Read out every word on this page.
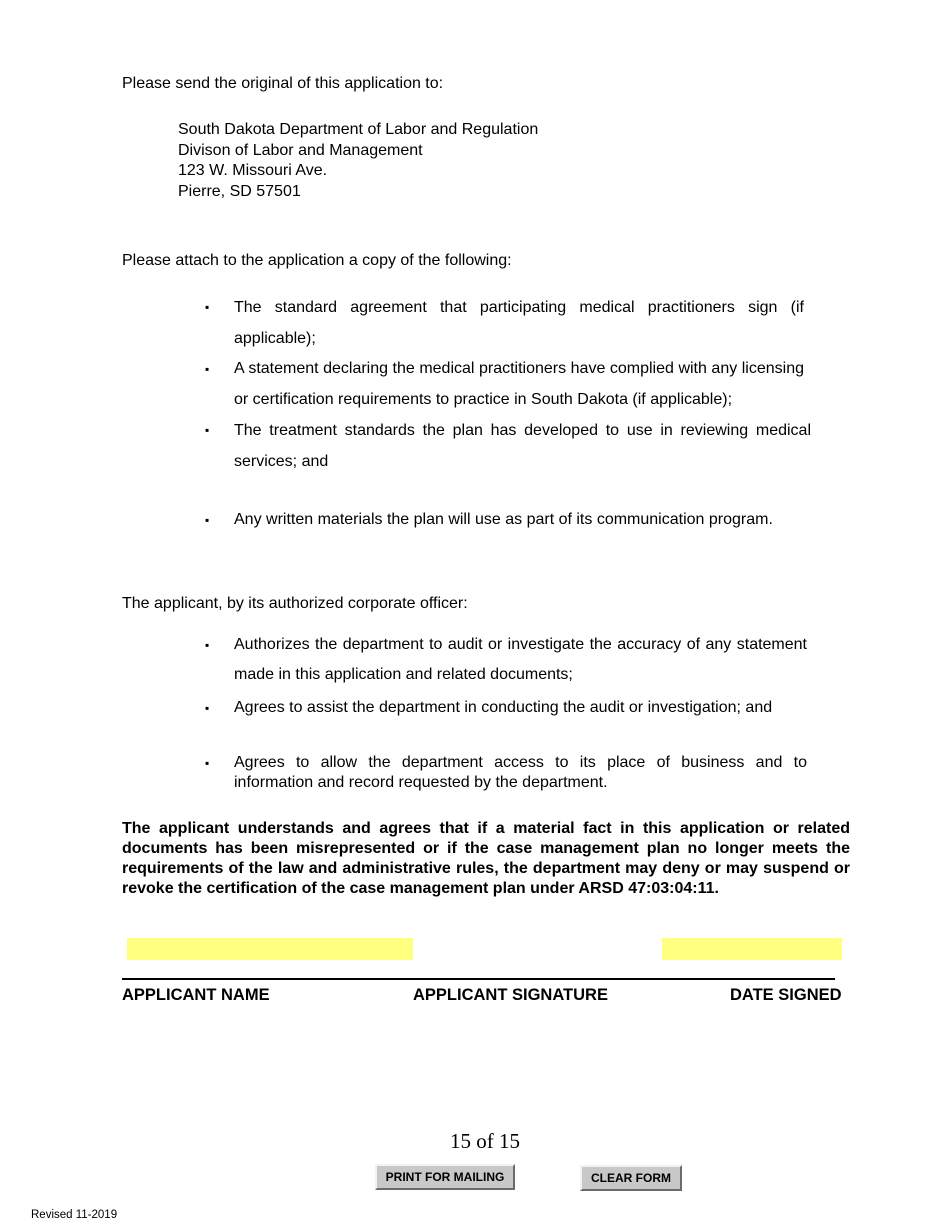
Please send the original of this application to:
South Dakota Department of Labor and Regulation
Divison of Labor and Management
123 W. Missouri Ave.
Pierre, SD 57501
Please attach to the application a copy of the following:
▪ The standard agreement that participating medical practitioners sign (if applicable);
▪ A statement declaring the medical practitioners have complied with any licensing or certification requirements to practice in South Dakota (if applicable);
▪ The treatment standards the plan has developed to use in reviewing medical services; and
▪ Any written materials the plan will use as part of its communication program.
The applicant, by its authorized corporate officer:
▪ Authorizes the department to audit or investigate the accuracy of any statement made in this application and related documents;
▪ Agrees to assist the department in conducting the audit or investigation; and
▪ Agrees to allow the department access to its place of business and to information and record requested by the department.
The applicant understands and agrees that if a material fact in this application or related documents has been misrepresented or if the case management plan no longer meets the requirements of the law and administrative rules, the department may deny or may suspend or revoke the certification of the case management plan under ARSD 47:03:04:11.
APPLICANT NAME	APPLICANT SIGNATURE	DATE SIGNED
15 of 15
PRINT FOR MAILING	CLEAR FORM
Revised 11-2019
